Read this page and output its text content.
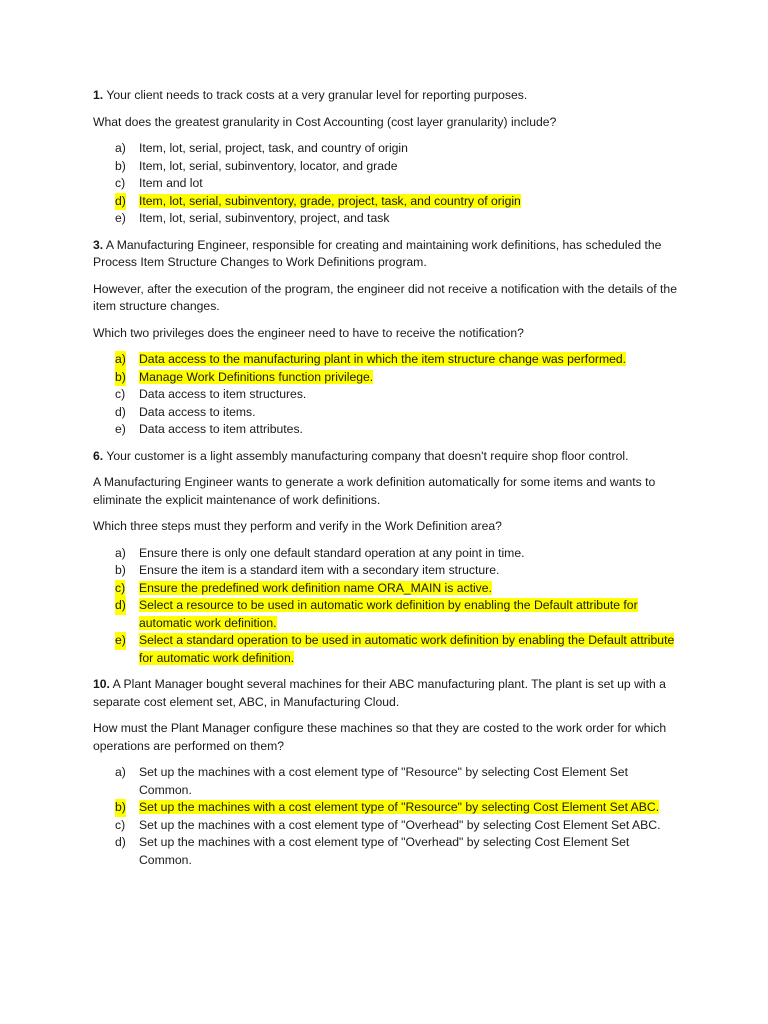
1. Your client needs to track costs at a very granular level for reporting purposes.

What does the greatest granularity in Cost Accounting (cost layer granularity) include?

a) Item, lot, serial, project, task, and country of origin
b) Item, lot, serial, subinventory, locator, and grade
c) Item and lot
d) Item, lot, serial, subinventory, grade, project, task, and country of origin
e) Item, lot, serial, subinventory, project, and task

3. A Manufacturing Engineer, responsible for creating and maintaining work definitions, has scheduled the Process Item Structure Changes to Work Definitions program.

However, after the execution of the program, the engineer did not receive a notification with the details of the item structure changes.

Which two privileges does the engineer need to have to receive the notification?

a) Data access to the manufacturing plant in which the item structure change was performed.
b) Manage Work Definitions function privilege.
c) Data access to item structures.
d) Data access to items.
e) Data access to item attributes.

6. Your customer is a light assembly manufacturing company that doesn't require shop floor control.

A Manufacturing Engineer wants to generate a work definition automatically for some items and wants to eliminate the explicit maintenance of work definitions.

Which three steps must they perform and verify in the Work Definition area?

a) Ensure there is only one default standard operation at any point in time.
b) Ensure the item is a standard item with a secondary item structure.
c) Ensure the predefined work definition name ORA_MAIN is active.
d) Select a resource to be used in automatic work definition by enabling the Default attribute for automatic work definition.
e) Select a standard operation to be used in automatic work definition by enabling the Default attribute for automatic work definition.

10. A Plant Manager bought several machines for their ABC manufacturing plant. The plant is set up with a separate cost element set, ABC, in Manufacturing Cloud.

How must the Plant Manager configure these machines so that they are costed to the work order for which operations are performed on them?

a) Set up the machines with a cost element type of "Resource" by selecting Cost Element Set Common.
b) Set up the machines with a cost element type of "Resource" by selecting Cost Element Set ABC.
c) Set up the machines with a cost element type of "Overhead" by selecting Cost Element Set ABC.
d) Set up the machines with a cost element type of "Overhead" by selecting Cost Element Set Common.
